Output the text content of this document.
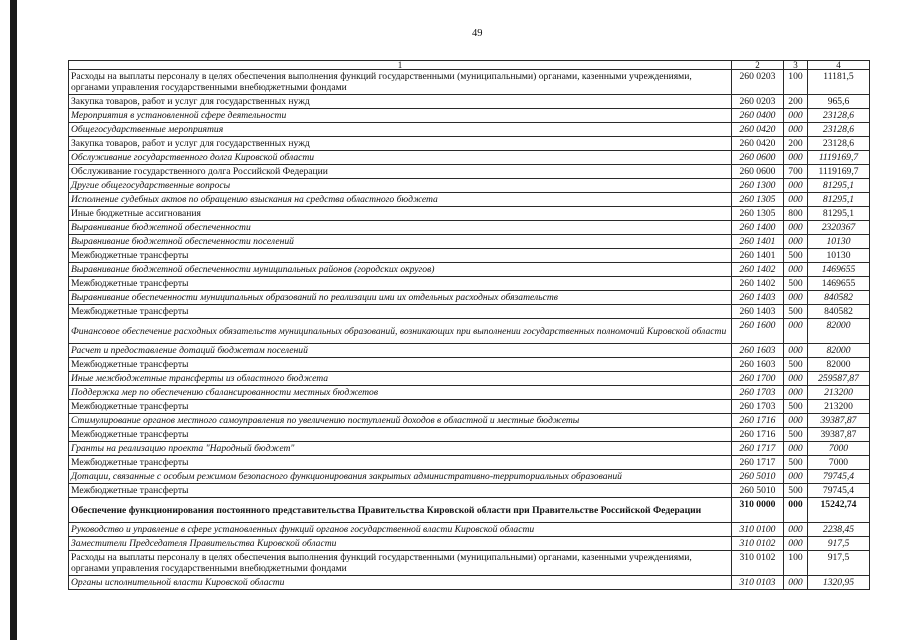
49
1	2	3	4
Расходы на выплаты персоналу в целях обеспечения выполнения функций государственными (муниципальными) органами, казенными учреждениями, органами управления государственными внебюджетными фондами	260 0203	100	11181,5
Закупка товаров, работ и услуг для государственных нужд	260 0203	200	965,6
Мероприятия в установленной сфере деятельности	260 0400	000	23128,6
Общегосударственные мероприятия	260 0420	000	23128,6
Закупка товаров, работ и услуг для государственных нужд	260 0420	200	23128,6
Обслуживание государственного долга Кировской области	260 0600	000	1119169,7
Обслуживание государственного долга Российской Федерации	260 0600	700	1119169,7
Другие общегосударственные вопросы	260 1300	000	81295,1
Исполнение судебных актов по обращению взыскания на средства областного бюджета	260 1305	000	81295,1
Иные бюджетные ассигнования	260 1305	800	81295,1
Выравнивание бюджетной обеспеченности	260 1400	000	2320367
Выравнивание бюджетной обеспеченности поселений	260 1401	000	10130
Межбюджетные трансферты	260 1401	500	10130
Выравнивание бюджетной обеспеченности муниципальных районов (городских округов)	260 1402	000	1469655
Межбюджетные трансферты	260 1402	500	1469655
Выравнивание обеспеченности муниципальных образований по реализации ими их отдельных расходных обязательств	260 1403	000	840582
Межбюджетные трансферты	260 1403	500	840582
Финансовое обеспечение расходных обязательств муниципальных образований, возникающих при выполнении государственных полномочий Кировской области	260 1600	000	82000
Расчет и предоставление дотаций бюджетам поселений	260 1603	000	82000
Межбюджетные трансферты	260 1603	500	82000
Иные межбюджетные трансферты из областного бюджета	260 1700	000	259587,87
Поддержка мер по обеспечению сбалансированности местных бюджетов	260 1703	000	213200
Межбюджетные трансферты	260 1703	500	213200
Стимулирование органов местного самоуправления по увеличению поступлений доходов в областной и местные бюджеты	260 1716	000	39387,87
Межбюджетные трансферты	260 1716	500	39387,87
Гранты на реализацию проекта "Народный бюджет"	260 1717	000	7000
Межбюджетные трансферты	260 1717	500	7000
Дотации, связанные с особым режимом безопасного функционирования закрытых административно-территориальных образований	260 5010	000	79745,4
Межбюджетные трансферты	260 5010	500	79745,4
Обеспечение функционирования постоянного представительства Правительства Кировской области при Правительстве Российской Федерации	310 0000	000	15242,74
Руководство и управление в сфере установленных функций органов государственной власти Кировской области	310 0100	000	2238,45
Заместители Председателя Правительства Кировской области	310 0102	000	917,5
Расходы на выплаты персоналу в целях обеспечения выполнения функций государственными (муниципальными) органами, казенными учреждениями, органами управления государственными внебюджетными фондами	310 0102	100	917,5
Органы исполнительной власти Кировской области	310 0103	000	1320,95
